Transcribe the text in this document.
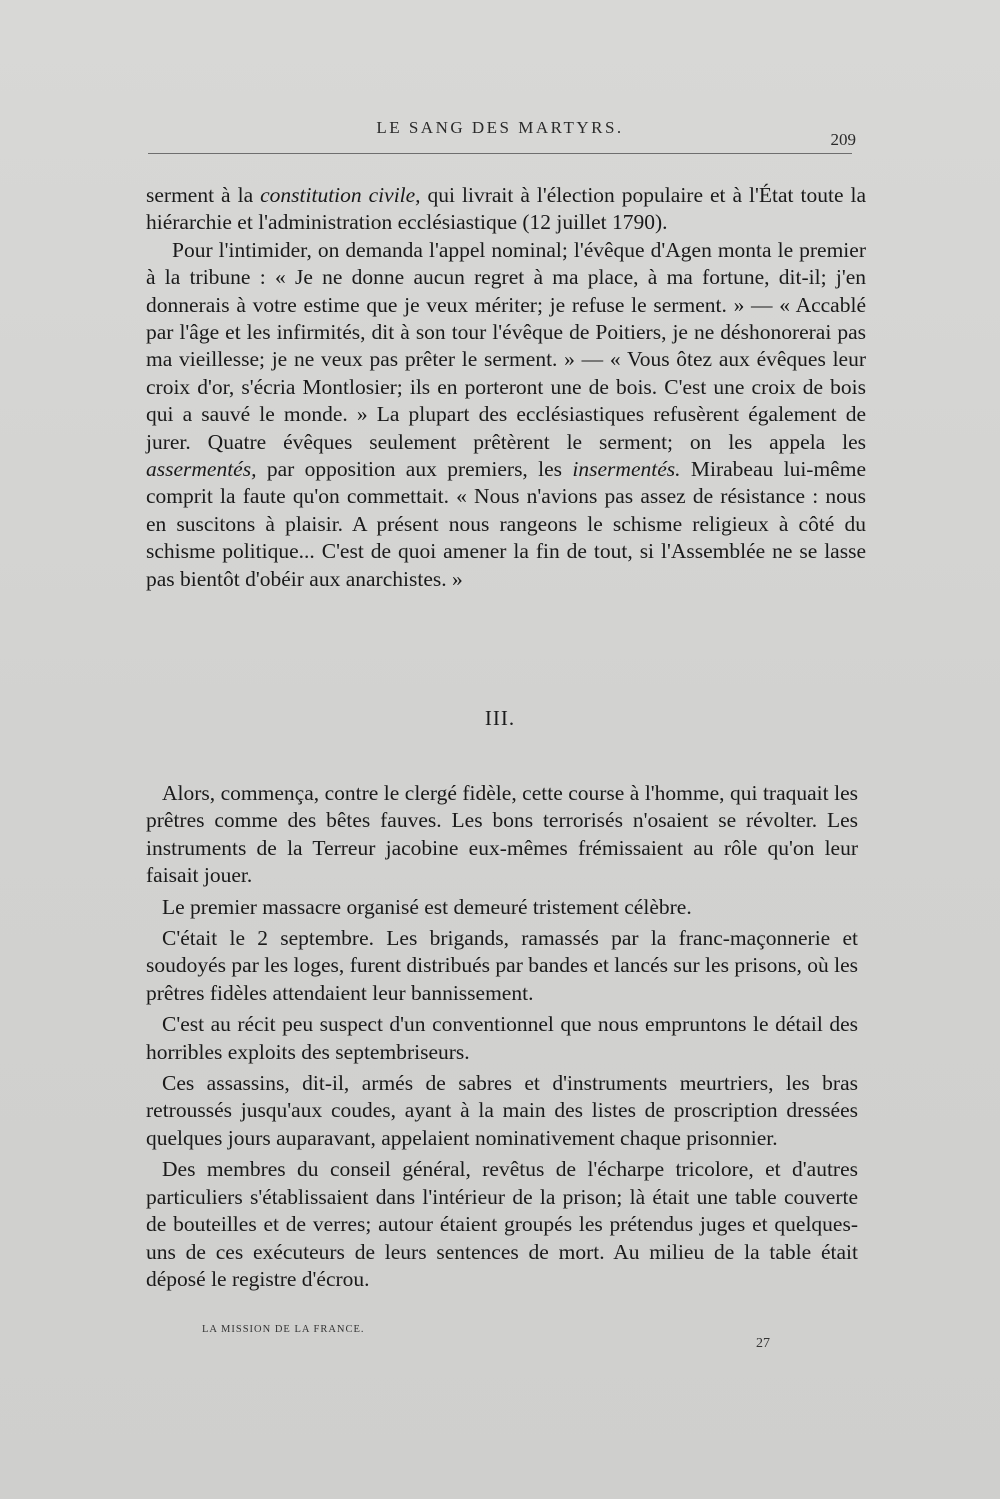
LE SANG DES MARTYRS.
209

serment à la constitution civile, qui livrait à l'élection populaire et à l'État toute la hiérarchie et l'administration ecclésiastique (12 juillet 1790).

Pour l'intimider, on demanda l'appel nominal; l'évêque d'Agen monta le premier à la tribune : « Je ne donne aucun regret à ma place, à ma fortune, dit-il; j'en donnerais à votre estime que je veux mériter; je refuse le serment. » — « Accablé par l'âge et les infirmités, dit à son tour l'évêque de Poitiers, je ne déshonorerai pas ma vieillesse; je ne veux pas prêter le serment. » — « Vous ôtez aux évêques leur croix d'or, s'écria Montlosier; ils en porteront une de bois. C'est une croix de bois qui a sauvé le monde. » La plupart des ecclésiastiques refusèrent également de jurer. Quatre évêques seulement prêtèrent le serment; on les appela les assermentés, par opposition aux premiers, les insermentés. Mirabeau lui-même comprit la faute qu'on commettait. « Nous n'avions pas assez de résistance : nous en suscitons à plaisir. A présent nous rangeons le schisme religieux à côté du schisme politique... C'est de quoi amener la fin de tout, si l'Assemblée ne se lasse pas bientôt d'obéir aux anarchistes. »

III.

Alors, commença, contre le clergé fidèle, cette course à l'homme, qui traquait les prêtres comme des bêtes fauves. Les bons terrorisés n'osaient se révolter. Les instruments de la Terreur jacobine eux-mêmes frémissaient au rôle qu'on leur faisait jouer.

Le premier massacre organisé est demeuré tristement célèbre.

C'était le 2 septembre. Les brigands, ramassés par la franc-maçonnerie et soudoyés par les loges, furent distribués par bandes et lancés sur les prisons, où les prêtres fidèles attendaient leur bannissement.

C'est au récit peu suspect d'un conventionnel que nous empruntons le détail des horribles exploits des septembriseurs.

Ces assassins, dit-il, armés de sabres et d'instruments meurtriers, les bras retroussés jusqu'aux coudes, ayant à la main des listes de proscription dressées quelques jours auparavant, appelaient nominativement chaque prisonnier.

Des membres du conseil général, revêtus de l'écharpe tricolore, et d'autres particuliers s'établissaient dans l'intérieur de la prison; là était une table couverte de bouteilles et de verres; autour étaient groupés les prétendus juges et quelques-uns de ces exécuteurs de leurs sentences de mort. Au milieu de la table était déposé le registre d'écrou.

LA MISSION DE LA FRANCE.
27
